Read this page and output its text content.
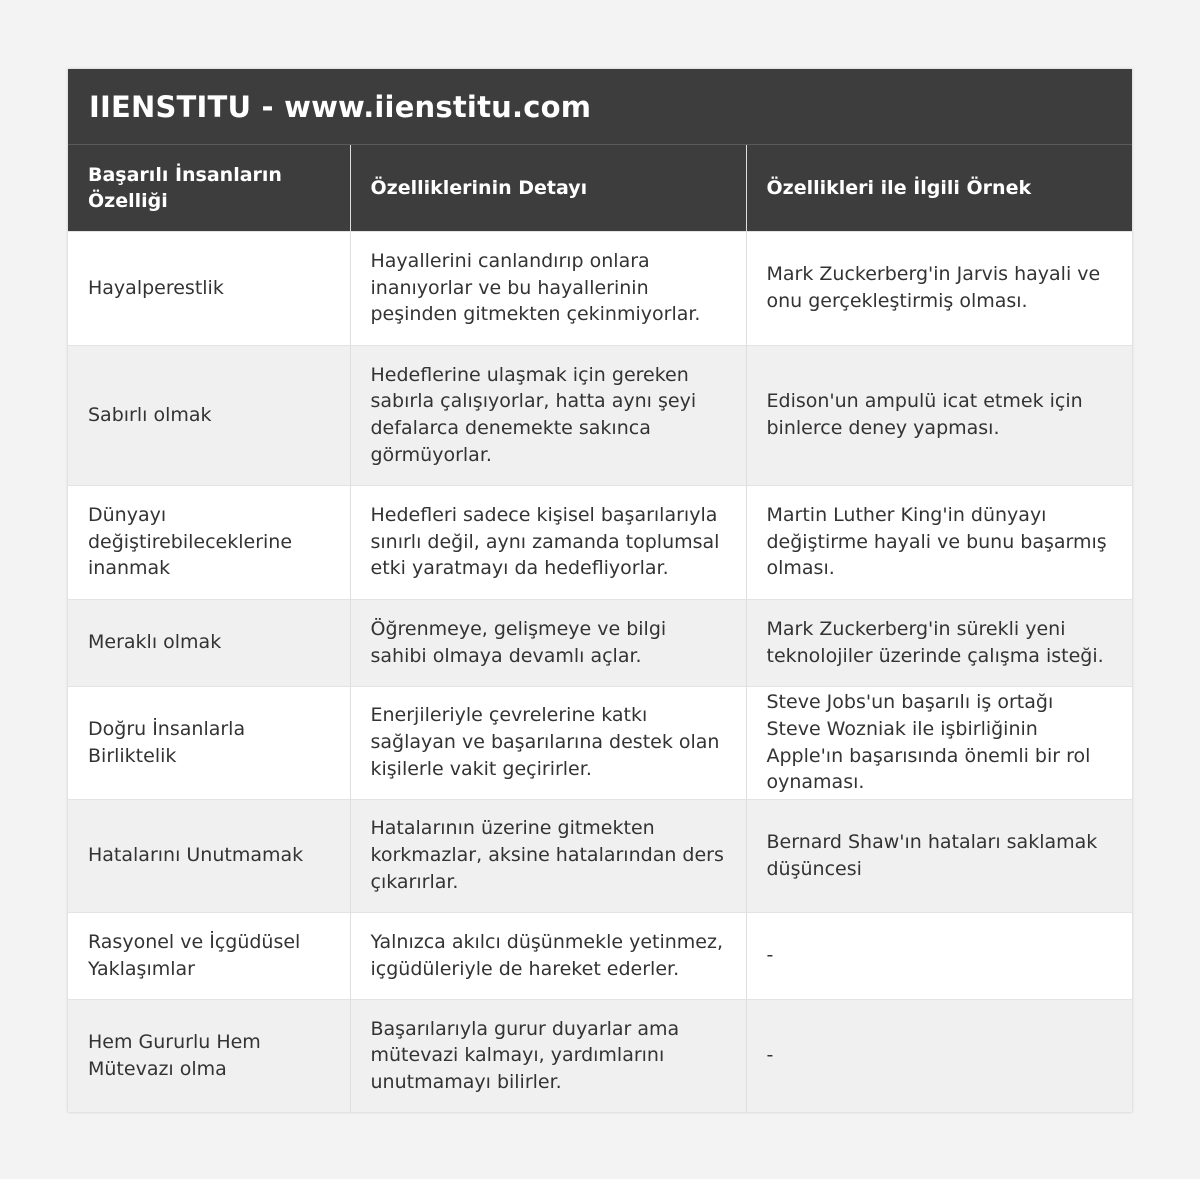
IIENSTITU - www.iienstitu.com
Başarılı İnsanların Özelliği	Özelliklerinin Detayı	Özellikleri ile İlgili Örnek
Hayalperestlik	Hayallerini canlandırıp onlara inanıyorlar ve bu hayallerinin peşinden gitmekten çekinmiyorlar.	Mark Zuckerberg'in Jarvis hayali ve onu gerçekleştirmiş olması.
Sabırlı olmak	Hedeflerine ulaşmak için gereken sabırla çalışıyorlar, hatta aynı şeyi defalarca denemekte sakınca görmüyorlar.	Edison'un ampulü icat etmek için binlerce deney yapması.
Dünyayı değiştirebileceklerine inanmak	Hedefleri sadece kişisel başarılarıyla sınırlı değil, aynı zamanda toplumsal etki yaratmayı da hedefliyorlar.	Martin Luther King'in dünyayı değiştirme hayali ve bunu başarmış olması.
Meraklı olmak	Öğrenmeye, gelişmeye ve bilgi sahibi olmaya devamlı açlar.	Mark Zuckerberg'in sürekli yeni teknolojiler üzerinde çalışma isteği.
Doğru İnsanlarla Birliktelik	Enerjileriyle çevrelerine katkı sağlayan ve başarılarına destek olan kişilerle vakit geçirirler.	Steve Jobs'un başarılı iş ortağı Steve Wozniak ile işbirliğinin Apple'ın başarısında önemli bir rol oynaması.
Hatalarını Unutmamak	Hatalarının üzerine gitmekten korkmazlar, aksine hatalarından ders çıkarırlar.	Bernard Shaw'ın hataları saklamak düşüncesi
Rasyonel ve İçgüdüsel Yaklaşımlar	Yalnızca akılcı düşünmekle yetinmez, içgüdüleriyle de hareket ederler.	-
Hem Gururlu Hem Mütevazı olma	Başarılarıyla gurur duyarlar ama mütevazi kalmayı, yardımlarını unutmamayı bilirler.	-
